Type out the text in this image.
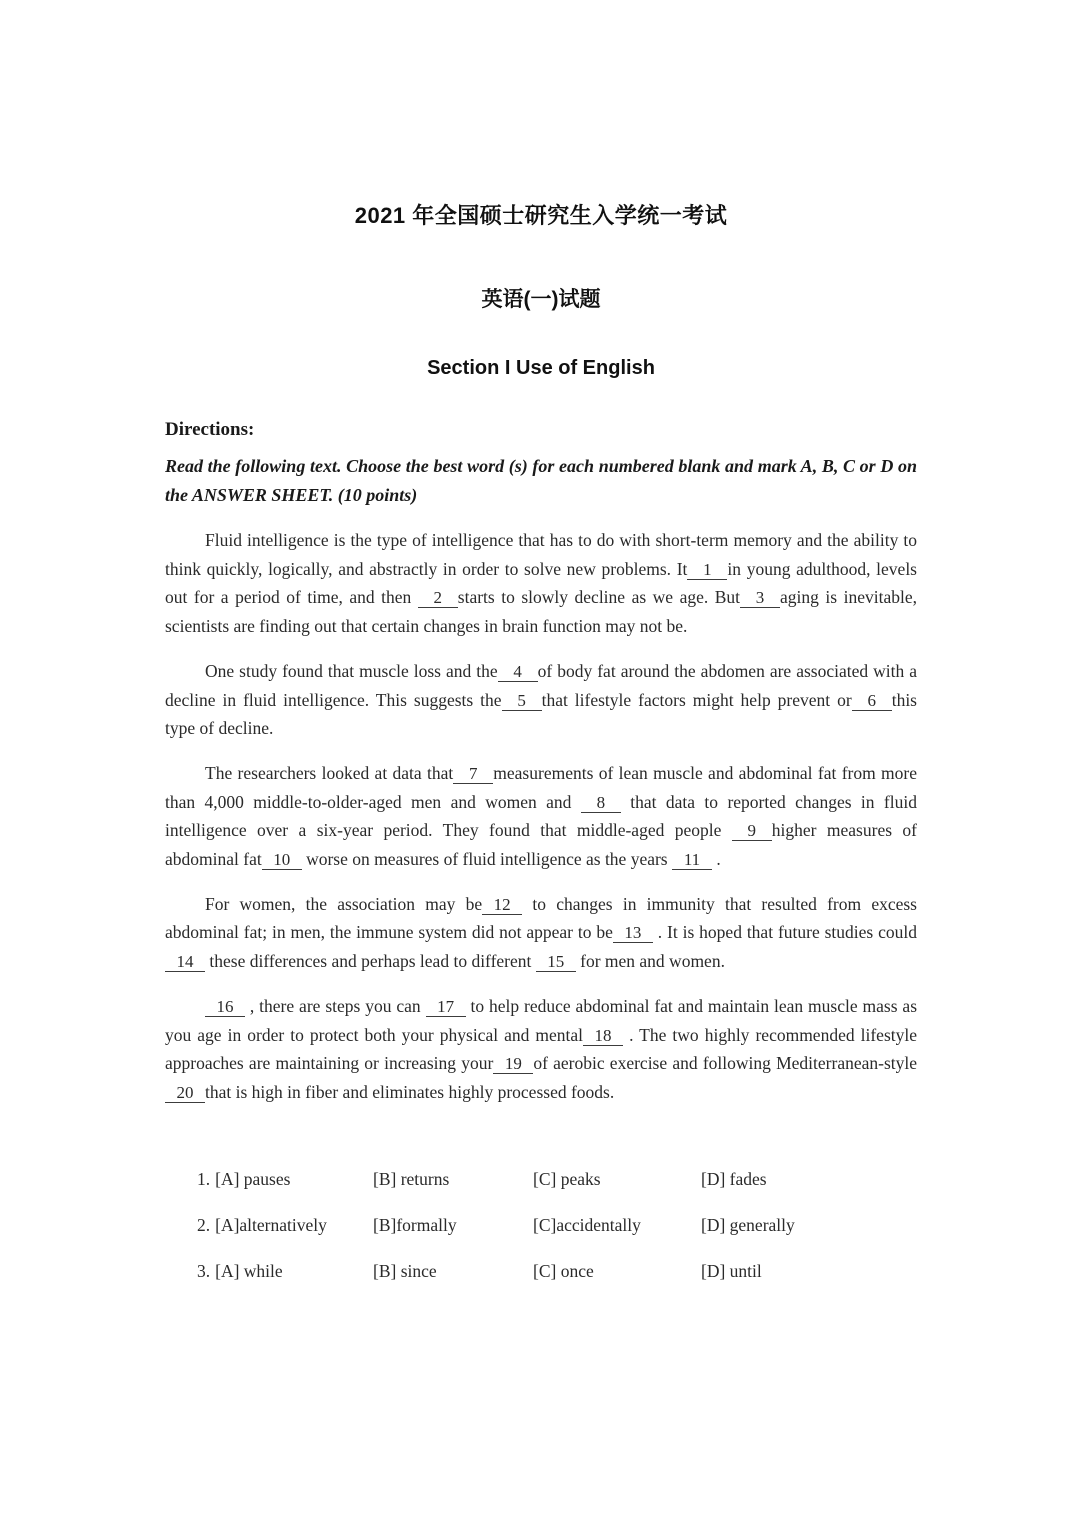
2021 年全国硕士研究生入学统一考试
英语(一)试题
Section I Use of English
Directions:

Read the following text. Choose the best word (s) for each numbered blank and mark A, B, C or D on the ANSWER SHEET. (10 points)

Fluid intelligence is the type of intelligence that has to do with short-term memory and the ability to think quickly, logically, and abstractly in order to solve new problems. It 1 in young adulthood, levels out for a period of time, and then 2 starts to slowly decline as we age. But 3 aging is inevitable, scientists are finding out that certain changes in brain function may not be.

One study found that muscle loss and the 4 of body fat around the abdomen are associated with a decline in fluid intelligence. This suggests the 5 that lifestyle factors might help prevent or 6 this type of decline.

The researchers looked at data that 7 measurements of lean muscle and abdominal fat from more than 4,000 middle-to-older-aged men and women and 8 that data to reported changes in fluid intelligence over a six-year period. They found that middle-aged people 9 higher measures of abdominal fat 10 worse on measures of fluid intelligence as the years 11 .

For women, the association may be 12 to changes in immunity that resulted from excess abdominal fat; in men, the immune system did not appear to be 13 . It is hoped that future studies could 14 these differences and perhaps lead to different 15 for men and women.

16 , there are steps you can 17 to help reduce abdominal fat and maintain lean muscle mass as you age in order to protect both your physical and mental 18 . The two highly recommended lifestyle approaches are maintaining or increasing your 19 of aerobic exercise and following Mediterranean-style20 that is high in fiber and eliminates highly processed foods.

1. [A] pauses	[B] returns	[C] peaks	[D] fades
2. [A]alternatively	[B]formally	[C]accidentally	[D] generally
3. [A] while	[B] since	[C] once	[D] until
